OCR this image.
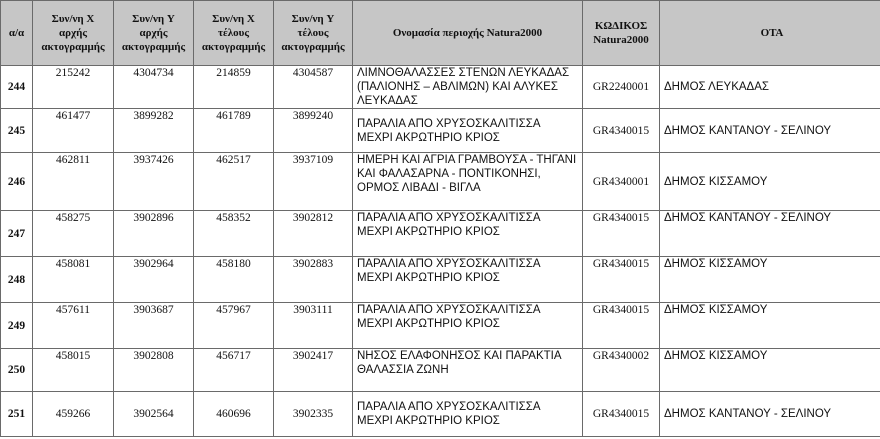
α/α	Συν/νη X αρχής ακτογραμμής	Συν/νη Y αρχής ακτογραμμής	Συν/νη X τέλους ακτογραμμής	Συν/νη Y τέλους ακτογραμμής	Ονομασία περιοχής Natura2000	ΚΩΔΙΚΟΣ Natura2000	ΟΤΑ
244	215242	4304734	214859	4304587	ΛΙΜΝΟΘΑΛΑΣΣΕΣ ΣΤΕΝΩΝ ΛΕΥΚΑΔΑΣ (ΠΑΛΙΟΝΗΣ – ΑΒΛΙΜΩΝ) ΚΑΙ ΑΛΥΚΕΣ ΛΕΥΚΑΔΑΣ	GR2240001	ΔΗΜΟΣ ΛΕΥΚΑΔΑΣ
245	461477	3899282	461789	3899240	ΠΑΡΑΛΙΑ ΑΠΟ ΧΡΥΣΟΣΚΑΛΙΤΙΣΣΑ ΜΕΧΡΙ ΑΚΡΩΤΗΡΙΟ ΚΡΙΟΣ	GR4340015	ΔΗΜΟΣ ΚΑΝΤΑΝΟΥ - ΣΕΛΙΝΟΥ
246	462811	3937426	462517	3937109	ΗΜΕΡΗ ΚΑΙ ΑΓΡΙΑ ΓΡΑΜΒΟΥΣΑ - ΤΗΓΑΝΙ ΚΑΙ ΦΑΛΑΣΑΡΝΑ - ΠΟΝΤΙΚΟΝΗΣΙ, ΟΡΜΟΣ ΛΙΒΑΔΙ - ΒΙΓΛΑ	GR4340001	ΔΗΜΟΣ ΚΙΣΣΑΜΟΥ
247	458275	3902896	458352	3902812	ΠΑΡΑΛΙΑ ΑΠΟ ΧΡΥΣΟΣΚΑΛΙΤΙΣΣΑ ΜΕΧΡΙ ΑΚΡΩΤΗΡΙΟ ΚΡΙΟΣ	GR4340015	ΔΗΜΟΣ ΚΑΝΤΑΝΟΥ - ΣΕΛΙΝΟΥ
248	458081	3902964	458180	3902883	ΠΑΡΑΛΙΑ ΑΠΟ ΧΡΥΣΟΣΚΑΛΙΤΙΣΣΑ ΜΕΧΡΙ ΑΚΡΩΤΗΡΙΟ ΚΡΙΟΣ	GR4340015	ΔΗΜΟΣ ΚΙΣΣΑΜΟΥ
249	457611	3903687	457967	3903111	ΠΑΡΑΛΙΑ ΑΠΟ ΧΡΥΣΟΣΚΑΛΙΤΙΣΣΑ ΜΕΧΡΙ ΑΚΡΩΤΗΡΙΟ ΚΡΙΟΣ	GR4340015	ΔΗΜΟΣ ΚΙΣΣΑΜΟΥ
250	458015	3902808	456717	3902417	ΝΗΣΟΣ ΕΛΑΦΟΝΗΣΟΣ ΚΑΙ ΠΑΡΑΚΤΙΑ ΘΑΛΑΣΣΙΑ ΖΩΝΗ	GR4340002	ΔΗΜΟΣ ΚΙΣΣΑΜΟΥ
251	459266	3902564	460696	3902335	ΠΑΡΑΛΙΑ ΑΠΟ ΧΡΥΣΟΣΚΑΛΙΤΙΣΣΑ ΜΕΧΡΙ ΑΚΡΩΤΗΡΙΟ ΚΡΙΟΣ	GR4340015	ΔΗΜΟΣ ΚΑΝΤΑΝΟΥ - ΣΕΛΙΝΟΥ
